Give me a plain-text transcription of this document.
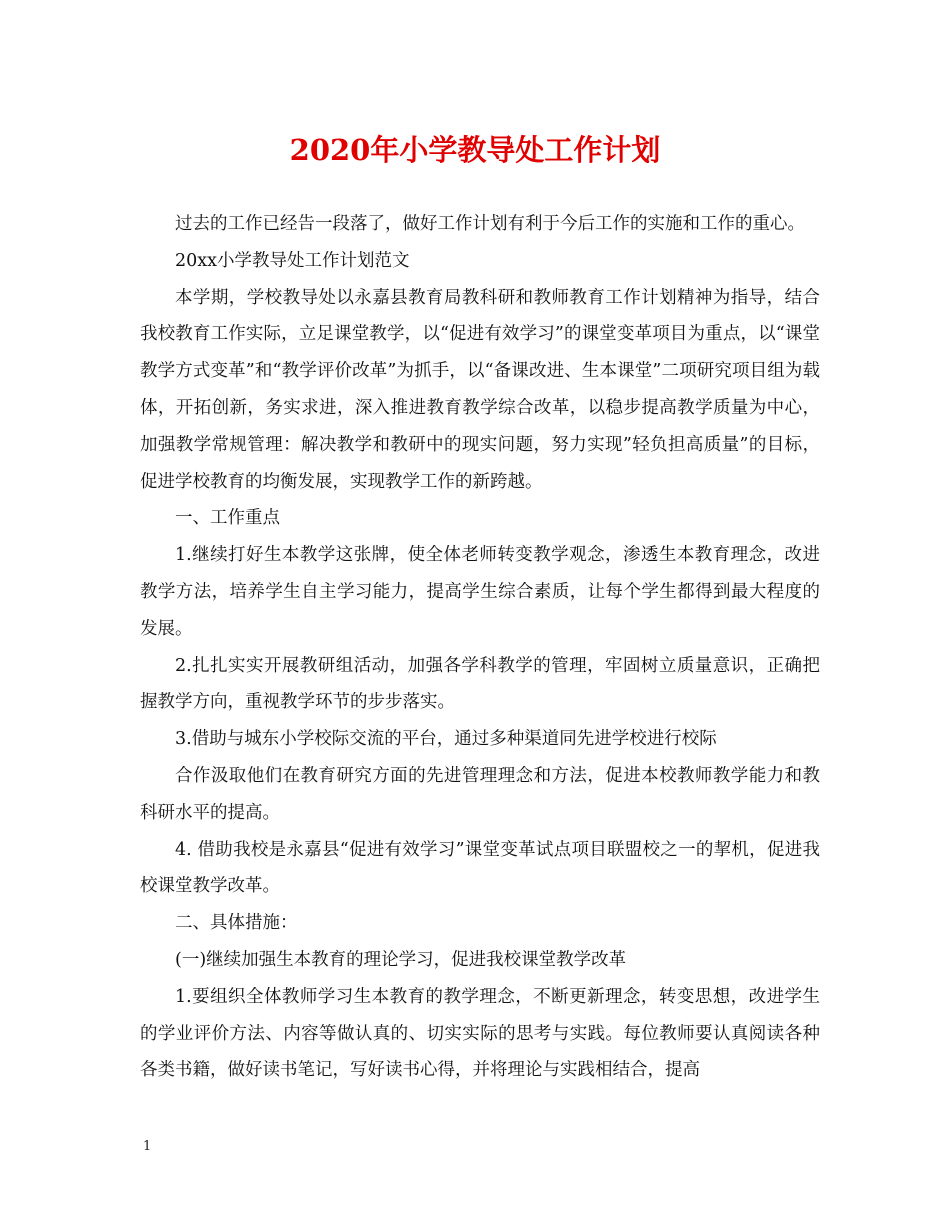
2020年小学教导处工作计划

过去的工作已经告一段落了，做好工作计划有利于今后工作的实施和工作的重心。

20xx小学教导处工作计划范文

本学期，学校教导处以永嘉县教育局教科研和教师教育工作计划精神为指导，结合我校教育工作实际，立足课堂教学，以“促进有效学习”的课堂变革项目为重点，以“课堂教学方式变革”和“教学评价改革”为抓手，以“备课改进、生本课堂”二项研究项目组为载体，开拓创新，务实求进，深入推进教育教学综合改革，以稳步提高教学质量为中心，加强教学常规管理：解决教学和教研中的现实问题，努力实现”轻负担高质量”的目标，促进学校教育的均衡发展，实现教学工作的新跨越。

一、工作重点

1.继续打好生本教学这张牌，使全体老师转变教学观念，渗透生本教育理念，改进教学方法，培养学生自主学习能力，提高学生综合素质，让每个学生都得到最大程度的发展。

2.扎扎实实开展教研组活动，加强各学科教学的管理，牢固树立质量意识，正确把握教学方向，重视教学环节的步步落实。

3.借助与城东小学校际交流的平台，通过多种渠道同先进学校进行校际

合作汲取他们在教育研究方面的先进管理理念和方法，促进本校教师教学能力和教科研水平的提高。

4. 借助我校是永嘉县“促进有效学习”课堂变革试点项目联盟校之一的挈机，促进我校课堂教学改革。

二、具体措施：

(一)继续加强生本教育的理论学习，促进我校课堂教学改革

1.要组织全体教师学习生本教育的教学理念，不断更新理念，转变思想，改进学生的学业评价方法、内容等做认真的、切实实际的思考与实践。每位教师要认真阅读各种各类书籍，做好读书笔记，写好读书心得，并将理论与实践相结合，提高

1
